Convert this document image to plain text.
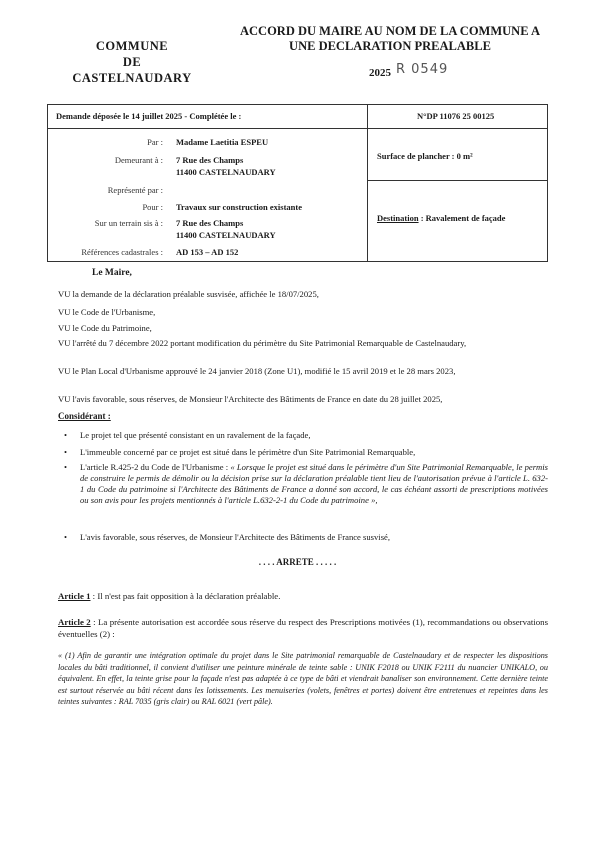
COMMUNE
DE
CASTELNAUDARY
ACCORD DU MAIRE AU NOM DE LA COMMUNE A
UNE DECLARATION PREALABLE
2025 R 0549
Demande déposée le 14 juillet 2025 - Complétée le :	N°DP 11076 25 00125
Par : Madame Laetitia ESPEU
Demeurant à : 7 Rue des Champs
11400 CASTELNAUDARY
Représenté par :
Pour : Travaux sur construction existante
Sur un terrain sis à : 7 Rue des Champs
11400 CASTELNAUDARY
Références cadastrales : AD 153 – AD 152
Surface de plancher : 0 m²
Destination : Ravalement de façade
Le Maire,
VU la demande de la déclaration préalable susvisée, affichée le 18/07/2025,
VU le Code de l'Urbanisme,
VU le Code du Patrimoine,
VU l'arrêté du 7 décembre 2022 portant modification du périmètre du Site Patrimonial Remarquable de Castelnaudary,
VU le Plan Local d'Urbanisme approuvé le 24 janvier 2018 (Zone U1), modifié le 15 avril 2019 et le 28 mars 2023,
VU l'avis favorable, sous réserves, de Monsieur l'Architecte des Bâtiments de France en date du 28 juillet 2025,
Considérant :
• Le projet tel que présenté consistant en un ravalement de la façade,
• L'immeuble concerné par ce projet est situé dans le périmètre d'un Site Patrimonial Remarquable,
• L'article R.425-2 du Code de l'Urbanisme : « Lorsque le projet est situé dans le périmètre d'un Site Patrimonial Remarquable, le permis de construire le permis de démolir ou la décision prise sur la déclaration préalable tient lieu de l'autorisation prévue à l'article L. 632-1 du Code du patrimoine si l'Architecte des Bâtiments de France a donné son accord, le cas échéant assorti de prescriptions motivées ou son avis pour les projets mentionnés à l'article L.632-2-1 du Code du patrimoine »,
• L'avis favorable, sous réserves, de Monsieur l'Architecte des Bâtiments de France susvisé,
. . . . ARRETE . . . . .
Article 1 : Il n'est pas fait opposition à la déclaration préalable.
Article 2 : La présente autorisation est accordée sous réserve du respect des Prescriptions motivées (1), recommandations ou observations éventuelles (2) :
« (1) Afin de garantir une intégration optimale du projet dans le Site patrimonial remarquable de Castelnaudary et de respecter les dispositions locales du bâti traditionnel, il convient d'utiliser une peinture minérale de teinte sable : UNIK F2018 ou UNIK F2111 du nuancier UNIKALO, ou équivalent. En effet, la teinte grise pour la façade n'est pas adaptée à ce type de bâti et viendrait banaliser son environnement. Cette dernière teinte est surtout réservée au bâti récent dans les lotissements. Les menuiseries (volets, fenêtres et portes) doivent être entretenues et repeintes dans les teintes suivantes : RAL 7035 (gris clair) ou RAL 6021 (vert pâle).
